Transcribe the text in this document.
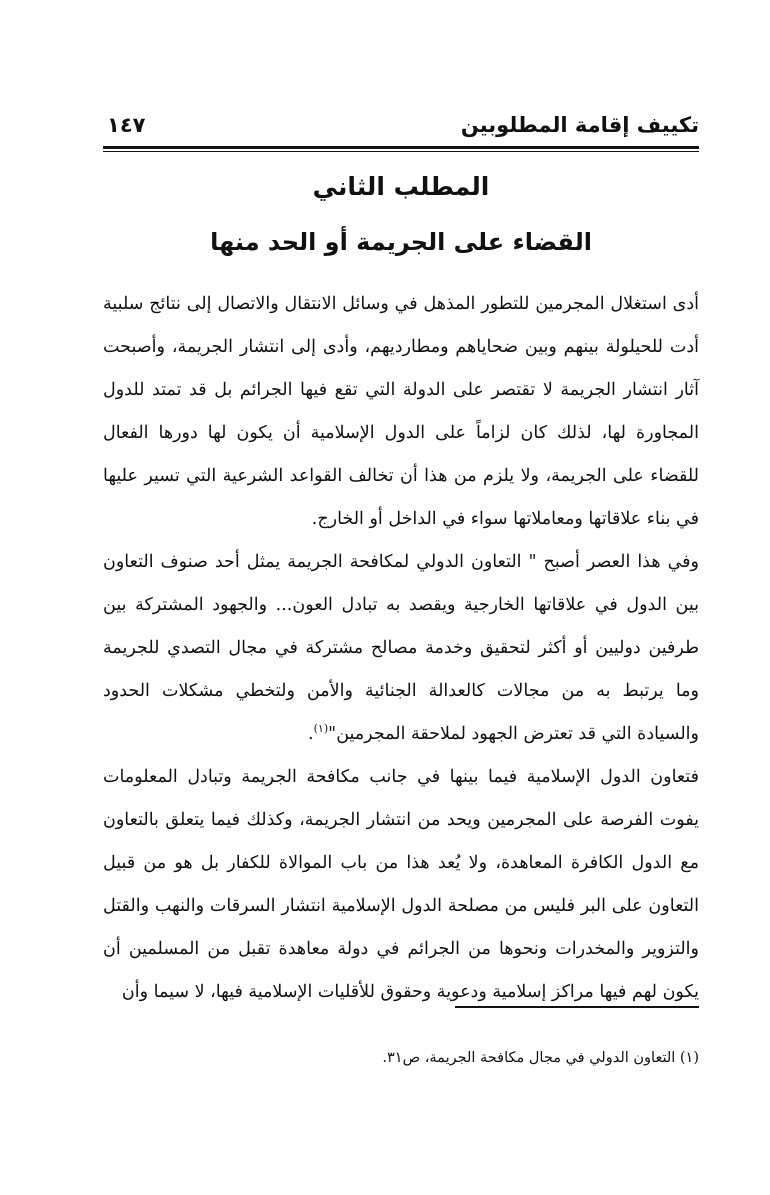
تكييف إقامة المطلوبين
١٤٧
المطلب الثاني
القضاء على الجريمة أو الحد منها

أدى استغلال المجرمين للتطور المذهل في وسائل الانتقال والاتصال إلى نتائج سلبية أدت للحيلولة بينهم وبين ضحاياهم ومطارديهم، وأدى إلى انتشار الجريمة، وأصبحت آثار انتشار الجريمة لا تقتصر على الدولة التي تقع فيها الجرائم بل قد تمتد للدول المجاورة لها، لذلك كان لزاماً على الدول الإسلامية أن يكون لها دورها الفعال للقضاء على الجريمة، ولا يلزم من هذا أن تخالف القواعد الشرعية التي تسير عليها في بناء علاقاتها ومعاملاتها سواء في الداخل أو الخارج.

وفي هذا العصر أصبح " التعاون الدولي لمكافحة الجريمة يمثل أحد صنوف التعاون بين الدول في علاقاتها الخارجية ويقصد به تبادل العون... والجهود المشتركة بين طرفين دوليين أو أكثر لتحقيق وخدمة مصالح مشتركة في مجال التصدي للجريمة وما يرتبط به من مجالات كالعدالة الجنائية والأمن ولتخطي مشكلات الحدود والسيادة التي قد تعترض الجهود لملاحقة المجرمين"$^{(١)}$.

فتعاون الدول الإسلامية فيما بينها في جانب مكافحة الجريمة وتبادل المعلومات يفوت الفرصة على المجرمين ويحد من انتشار الجريمة، وكذلك فيما يتعلق بالتعاون مع الدول الكافرة المعاهدة، ولا يُعد هذا من باب الموالاة للكفار بل هو من قبيل التعاون على البر فليس من مصلحة الدول الإسلامية انتشار السرقات والنهب والقتل والتزوير والمخدرات ونحوها من الجرائم في دولة معاهدة تقبل من المسلمين أن يكون لهم فيها مراكز إسلامية ودعوية وحقوق للأقليات الإسلامية فيها، لا سيما وأن

(١) التعاون الدولي في مجال مكافحة الجريمة، ص٣١.
